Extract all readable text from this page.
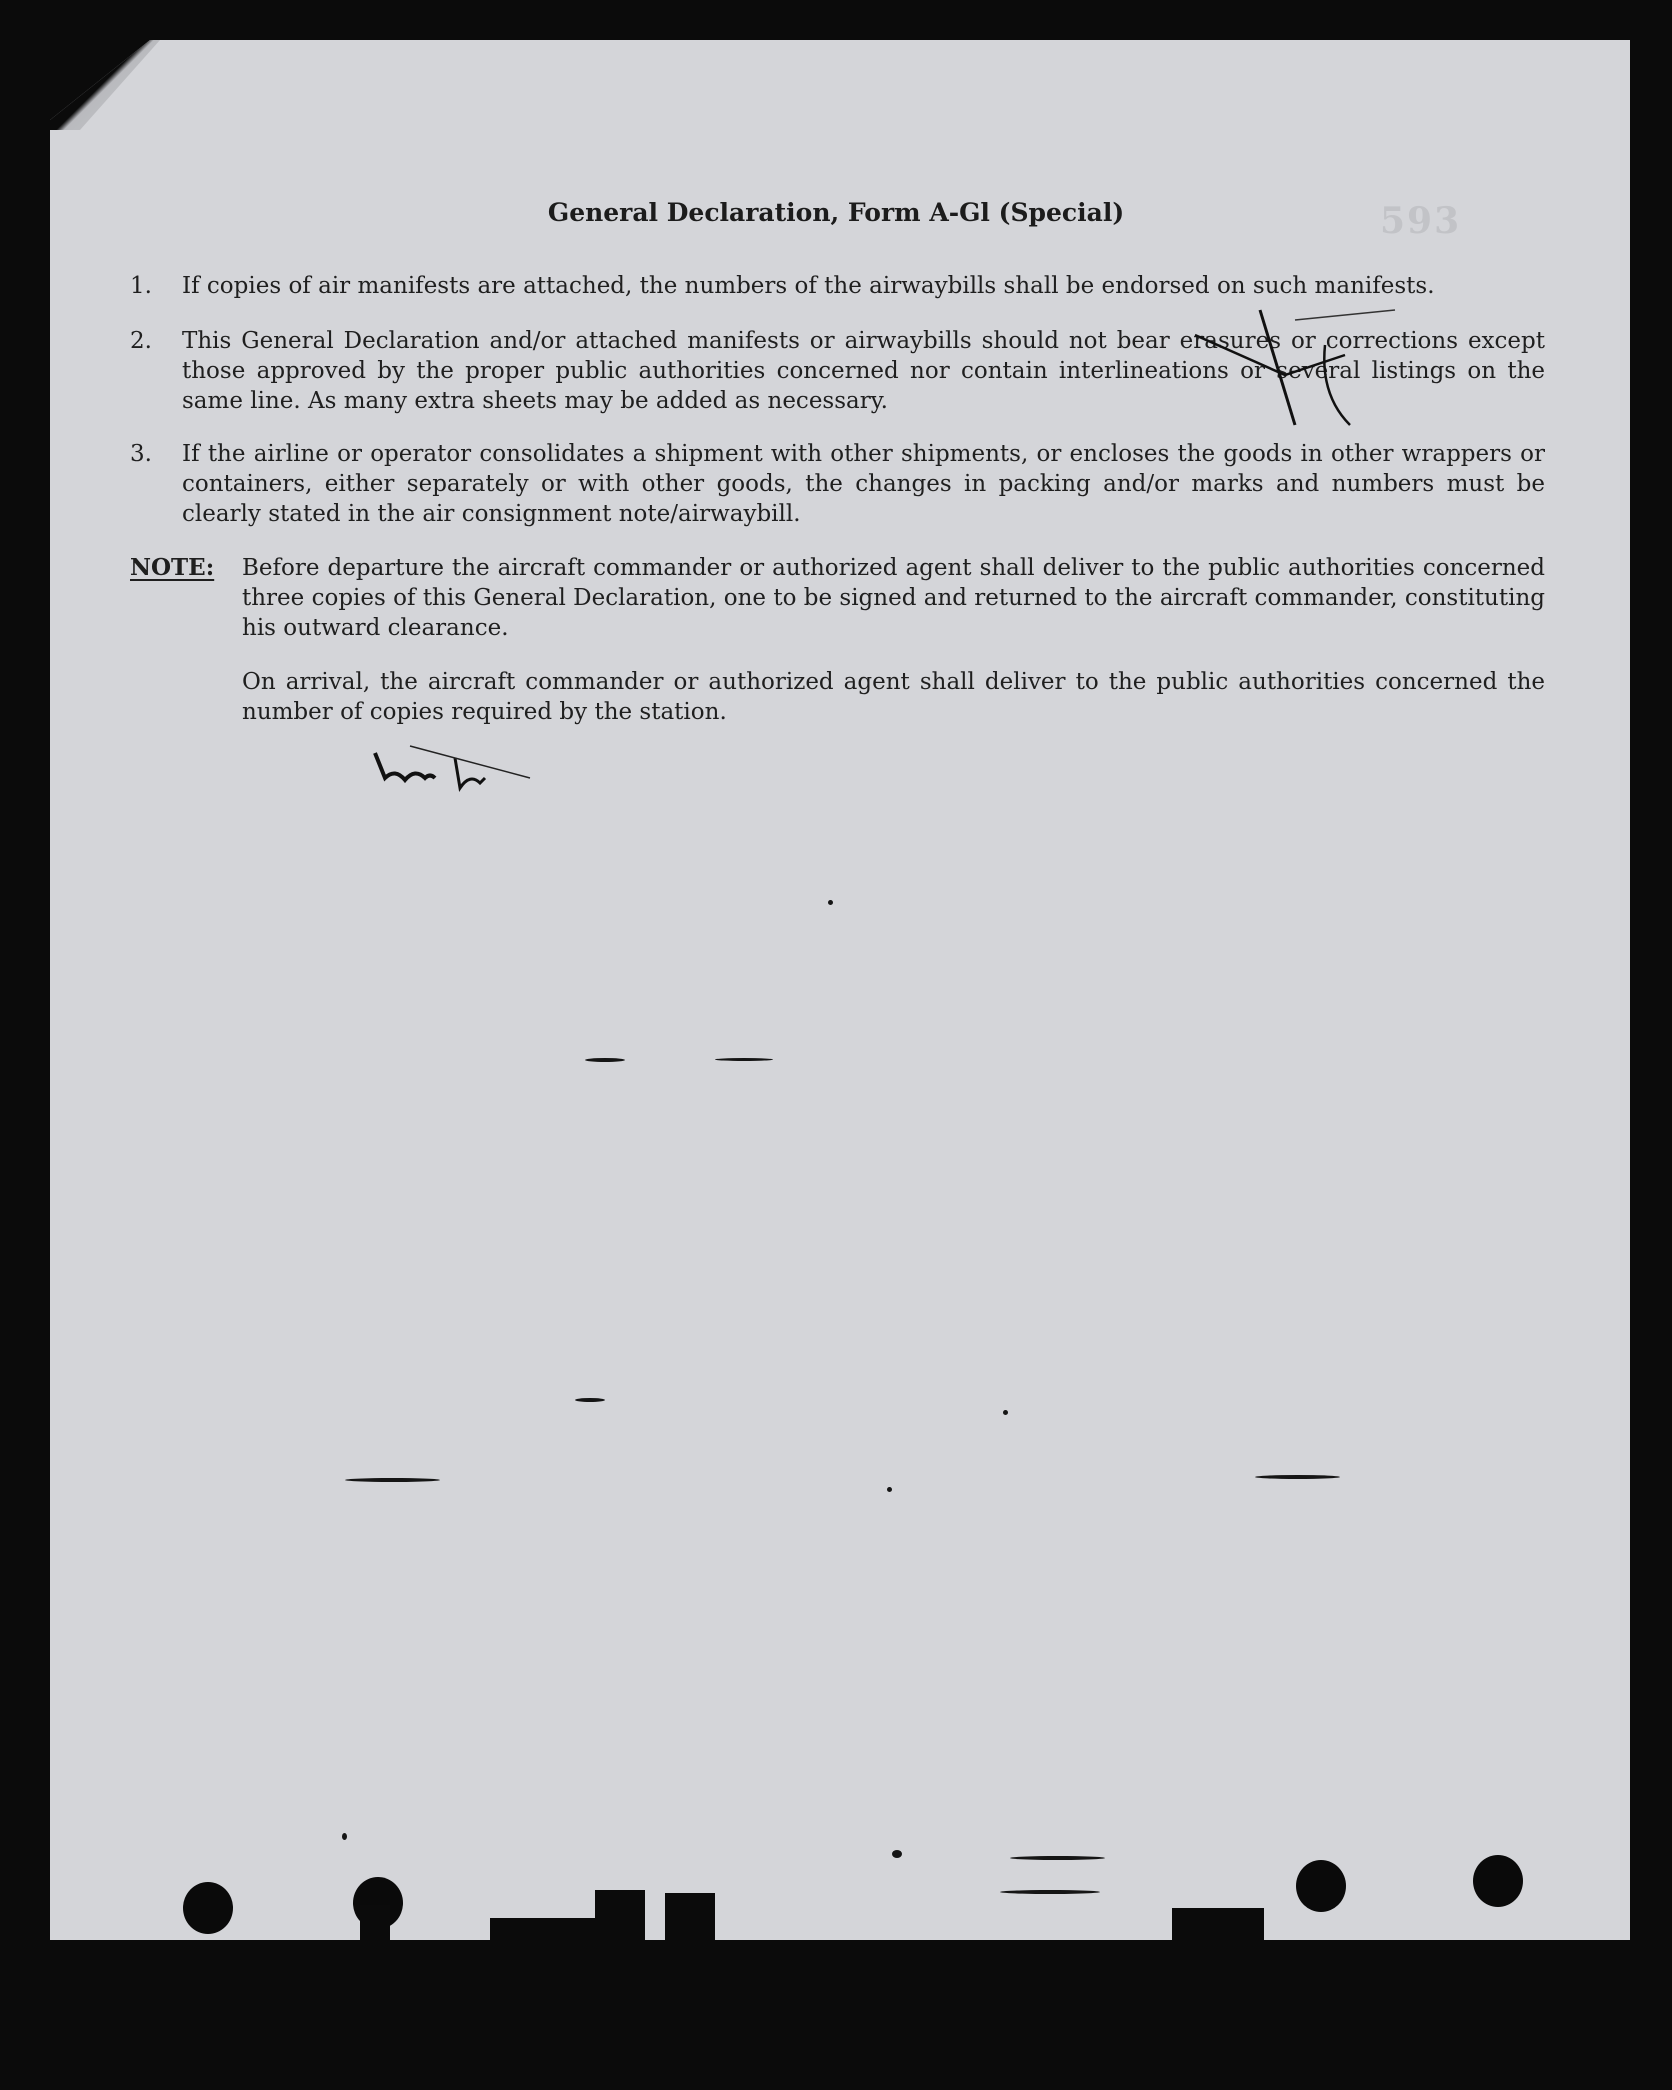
593
General Declaration, Form A-Gl (Special)
1. If copies of air manifests are attached, the numbers of the airwaybills shall be endorsed on such manifests.
2. This General Declaration and/or attached manifests or airwaybills should not bear erasures or corrections except those approved by the proper public authorities concerned nor contain interlineations or several listings on the same line. As many extra sheets may be added as necessary.
3. If the airline or operator consolidates a shipment with other shipments, or encloses the goods in other wrappers or containers, either separately or with other goods, the changes in packing and/or marks and numbers must be clearly stated in the air consignment note/airwaybill.
NOTE: Before departure the aircraft commander or authorized agent shall deliver to the public authorities concerned three copies of this General Declaration, one to be signed and returned to the aircraft commander, constituting his outward clearance.
On arrival, the aircraft commander or authorized agent shall deliver to the public authorities concerned the number of copies required by the station.
